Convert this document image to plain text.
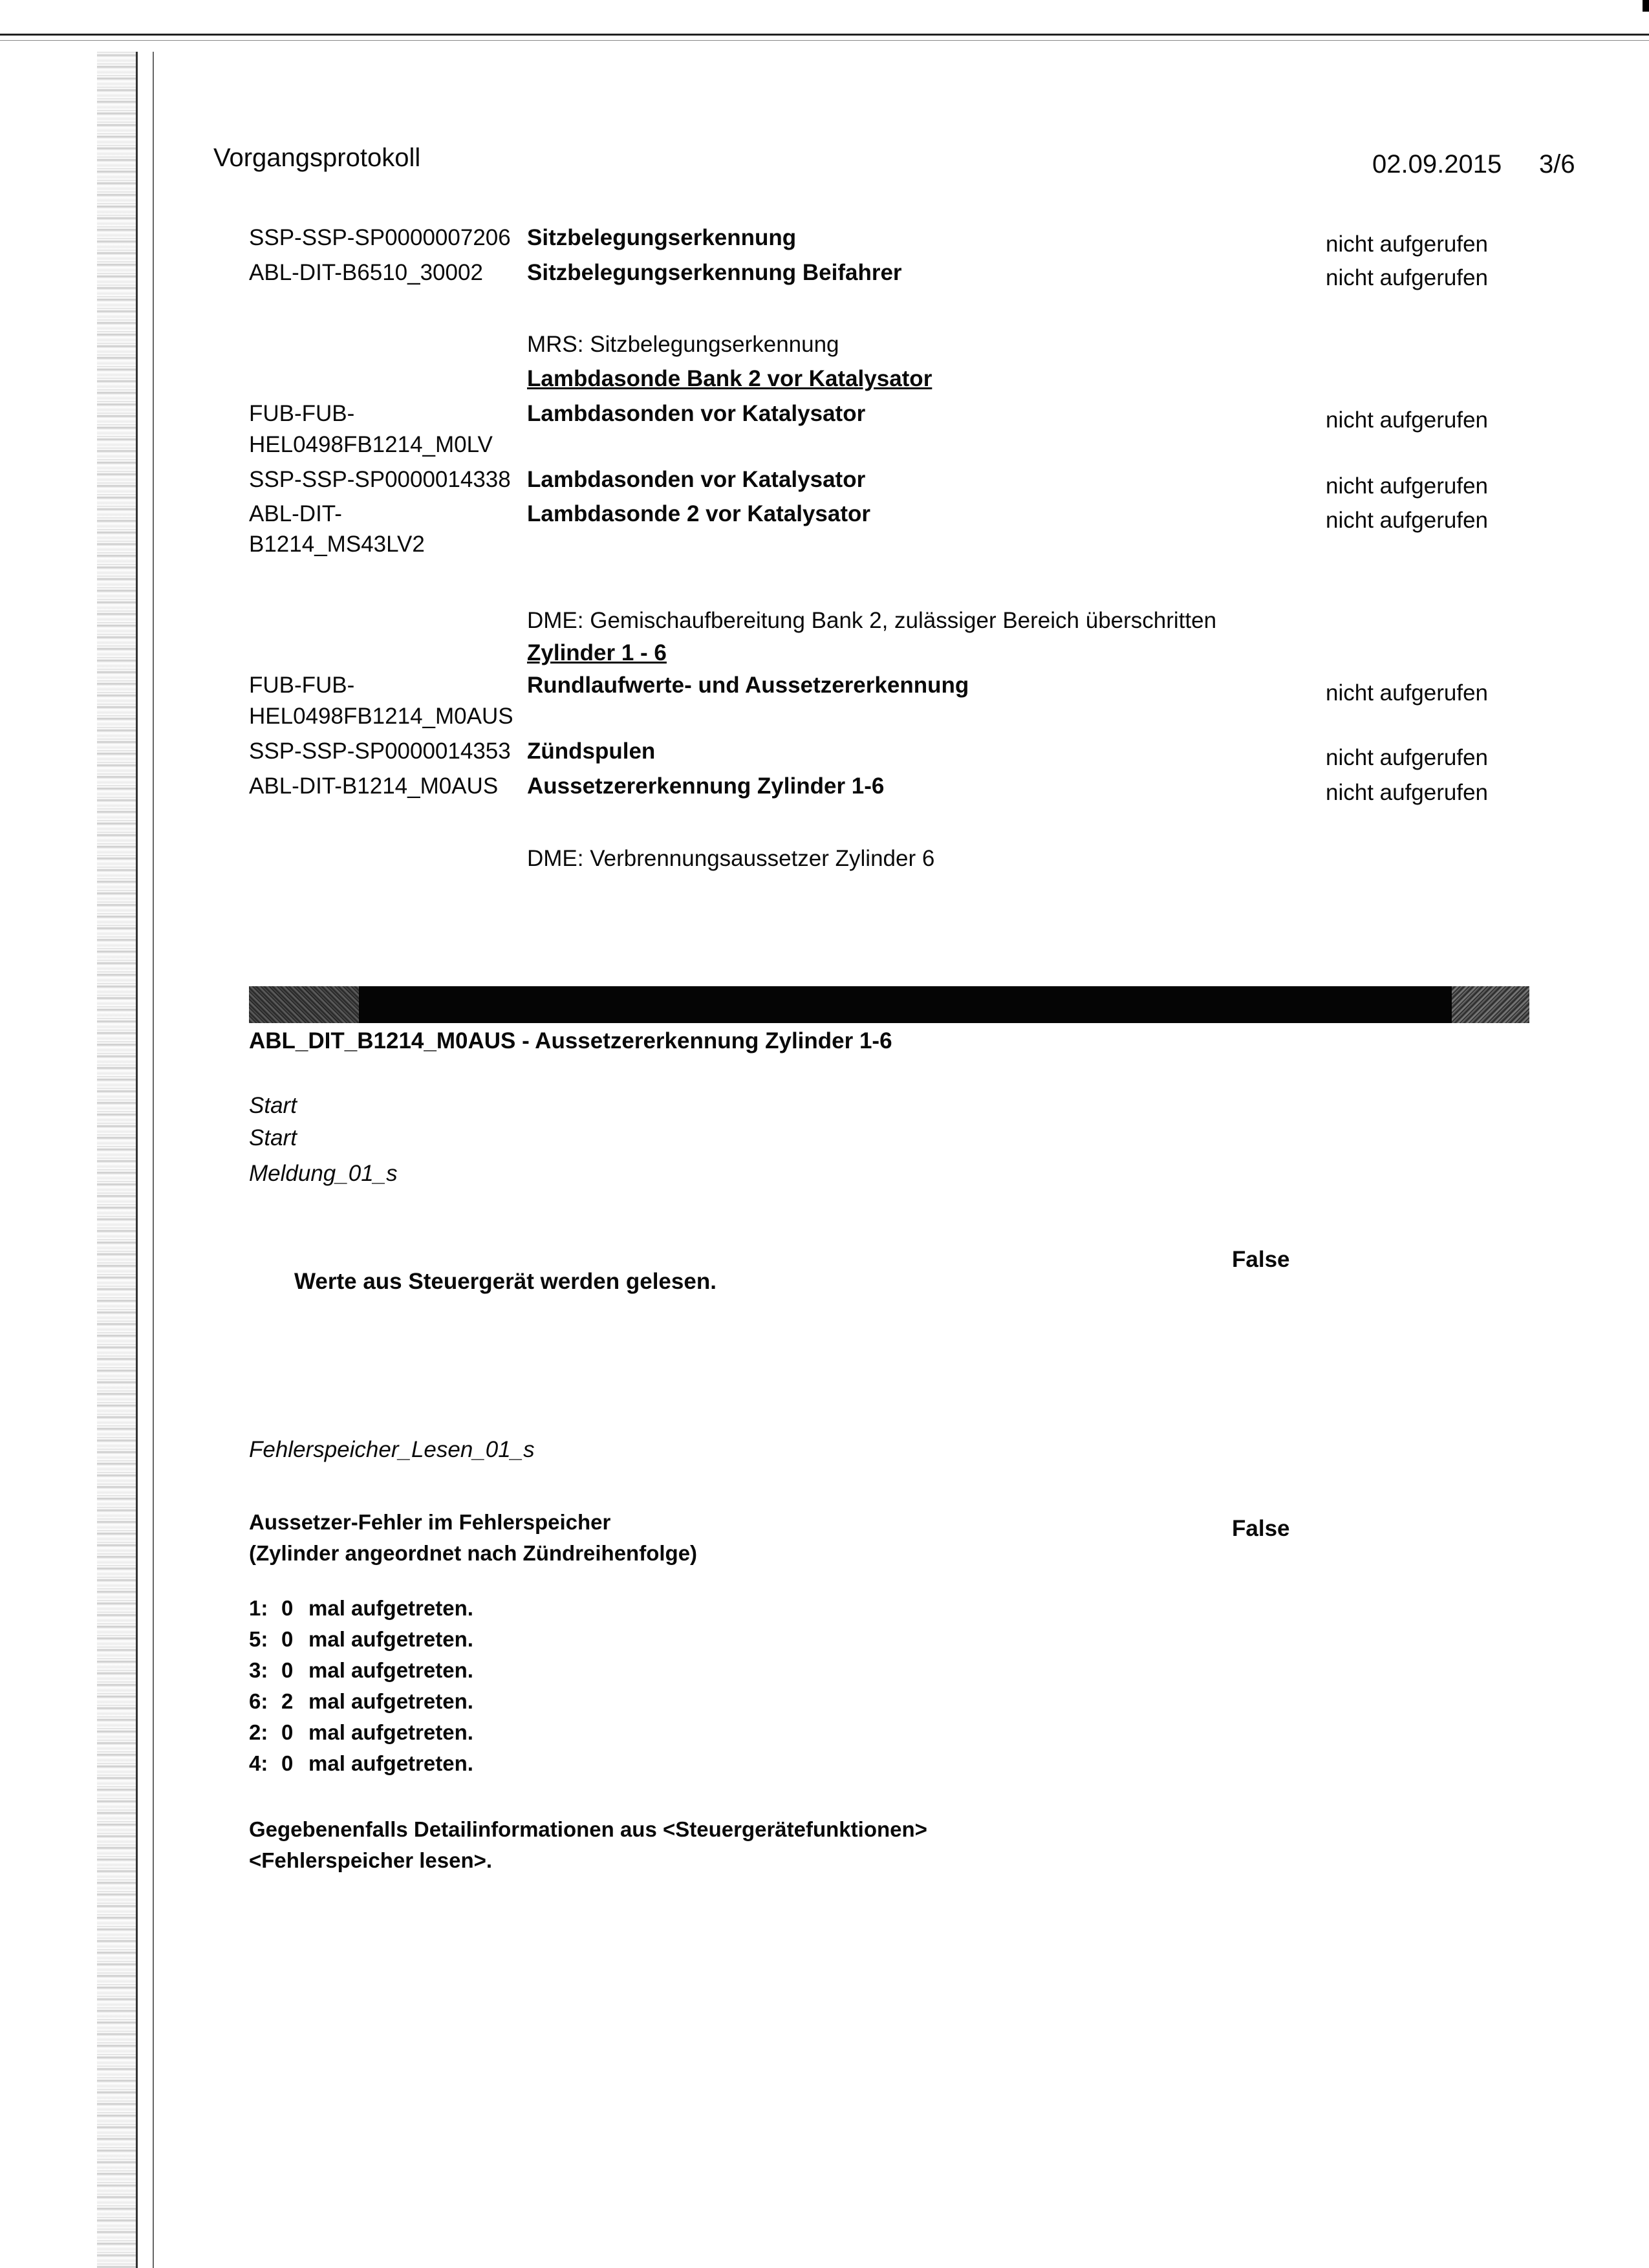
Vorgangsprotokoll	02.09.2015 3/6
SSP-SSP-SP0000007206 Sitzbelegungserkennung	nicht aufgerufen
ABL-DIT-B6510_30002 Sitzbelegungserkennung Beifahrer	nicht aufgerufen
MRS: Sitzbelegungserkennung
Lambdasonde Bank 2 vor Katalysator
FUB-FUB-
HEL0498FB1214_M0LV
Lambdasonden vor Katalysator	nicht aufgerufen
SSP-SSP-SP0000014338 Lambdasonden vor Katalysator	nicht aufgerufen
ABL-DIT-
B1214_MS43LV2
Lambdasonde 2 vor Katalysator	nicht aufgerufen
DME: Gemischaufbereitung Bank 2, zulässiger Bereich überschritten
Zylinder 1 - 6
FUB-FUB-
HEL0498FB1214_M0AUS
Rundlaufwerte- und Aussetzererkennung	nicht aufgerufen
SSP-SSP-SP0000014353 Zündspulen	nicht aufgerufen
ABL-DIT-B1214_M0AUS Aussetzererkennung Zylinder 1-6	nicht aufgerufen
DME: Verbrennungsaussetzer Zylinder 6
ABL_DIT_B1214_M0AUS - Aussetzererkennung Zylinder 1-6
Start
Start
Meldung_01_s
Werte aus Steuergerät werden gelesen.
False
Fehlerspeicher_Lesen_01_s
Aussetzer-Fehler im Fehlerspeicher
(Zylinder angeordnet nach Zündreihenfolge)
False
1: 0 mal aufgetreten.
5: 0 mal aufgetreten.
3: 0 mal aufgetreten.
6: 2 mal aufgetreten.
2: 0 mal aufgetreten.
4: 0 mal aufgetreten.
Gegebenenfalls Detailinformationen aus <Steuergerätefunktionen>
<Fehlerspeicher lesen>.
